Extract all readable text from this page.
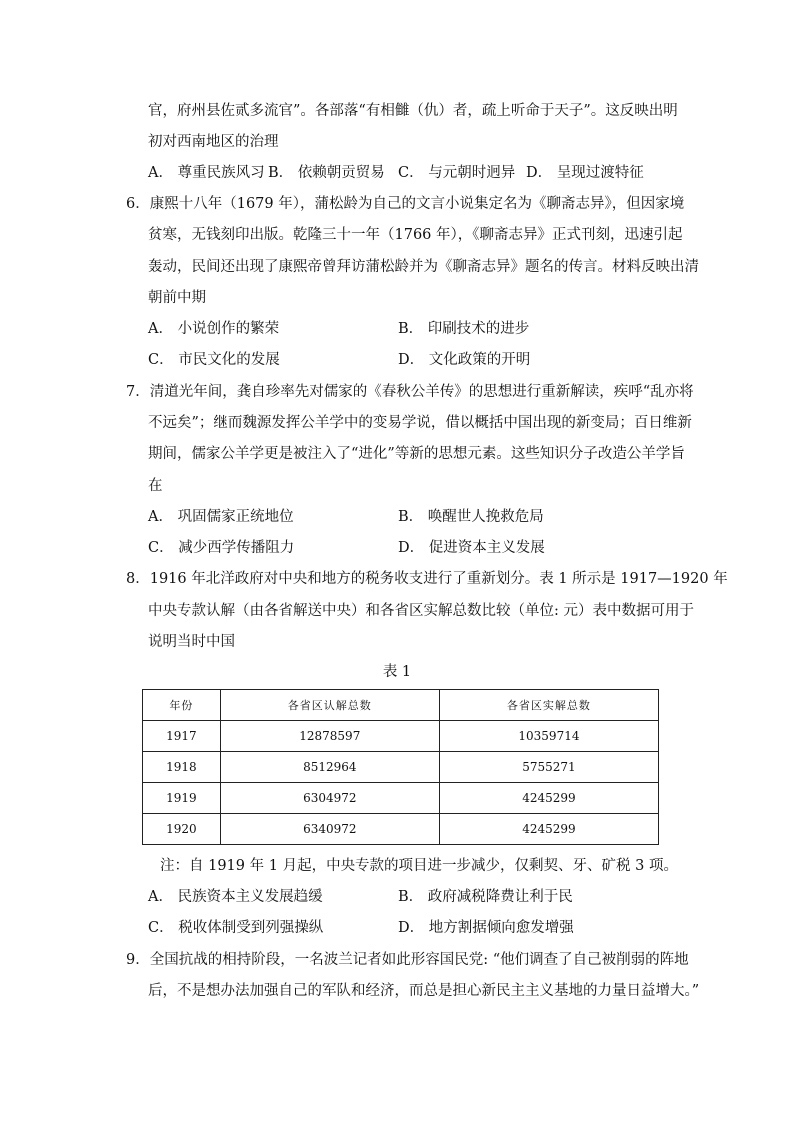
官，府州县佐贰多流官”。各部落“有相雠（仇）者，疏上听命于天子”。这反映出明
初对西南地区的治理
A． 尊重民族风习 B． 依赖朝贡贸易 C． 与元朝时迥异 D． 呈现过渡特征
6．康熙十八年（1679 年），蒲松龄为自己的文言小说集定名为《聊斋志异》，但因家境
贫寒，无钱刻印出版。乾隆三十一年（1766 年），《聊斋志异》正式刊刻，迅速引起
轰动，民间还出现了康熙帝曾拜访蒲松龄并为《聊斋志异》题名的传言。材料反映出清
朝前中期
A． 小说创作的繁荣	B． 印刷技术的进步
C． 市民文化的发展	D． 文化政策的开明
7．清道光年间，龚自珍率先对儒家的《春秋公羊传》的思想进行重新解读，疾呼“乱亦将
不远矣”；继而魏源发挥公羊学中的变易学说，借以概括中国出现的新变局；百日维新
期间，儒家公羊学更是被注入了“进化”等新的思想元素。这些知识分子改造公羊学旨
在
A． 巩固儒家正统地位	B． 唤醒世人挽救危局
C． 减少西学传播阻力	D． 促进资本主义发展
8．1916 年北洋政府对中央和地方的税务收支进行了重新划分。表 1 所示是 1917—1920 年
中央专款认解（由各省解送中央）和各省区实解总数比较（单位: 元）表中数据可用于
说明当时中国
表 1
年份	各省区认解总数	各省区实解总数
1917	12878597	10359714
1918	8512964	5755271
1919	6304972	4245299
1920	6340972	4245299
注：自 1919 年 1 月起，中央专款的项目进一步减少，仅剩契、牙、矿税 3 项。
A． 民族资本主义发展趋缓	B． 政府减税降费让利于民
C． 税收体制受到列强操纵	D． 地方割据倾向愈发增强
9．全国抗战的相持阶段，一名波兰记者如此形容国民党: “他们调查了自己被削弱的阵地
后，不是想办法加强自己的军队和经济，而总是担心新民主主义基地的力量日益增大。”
